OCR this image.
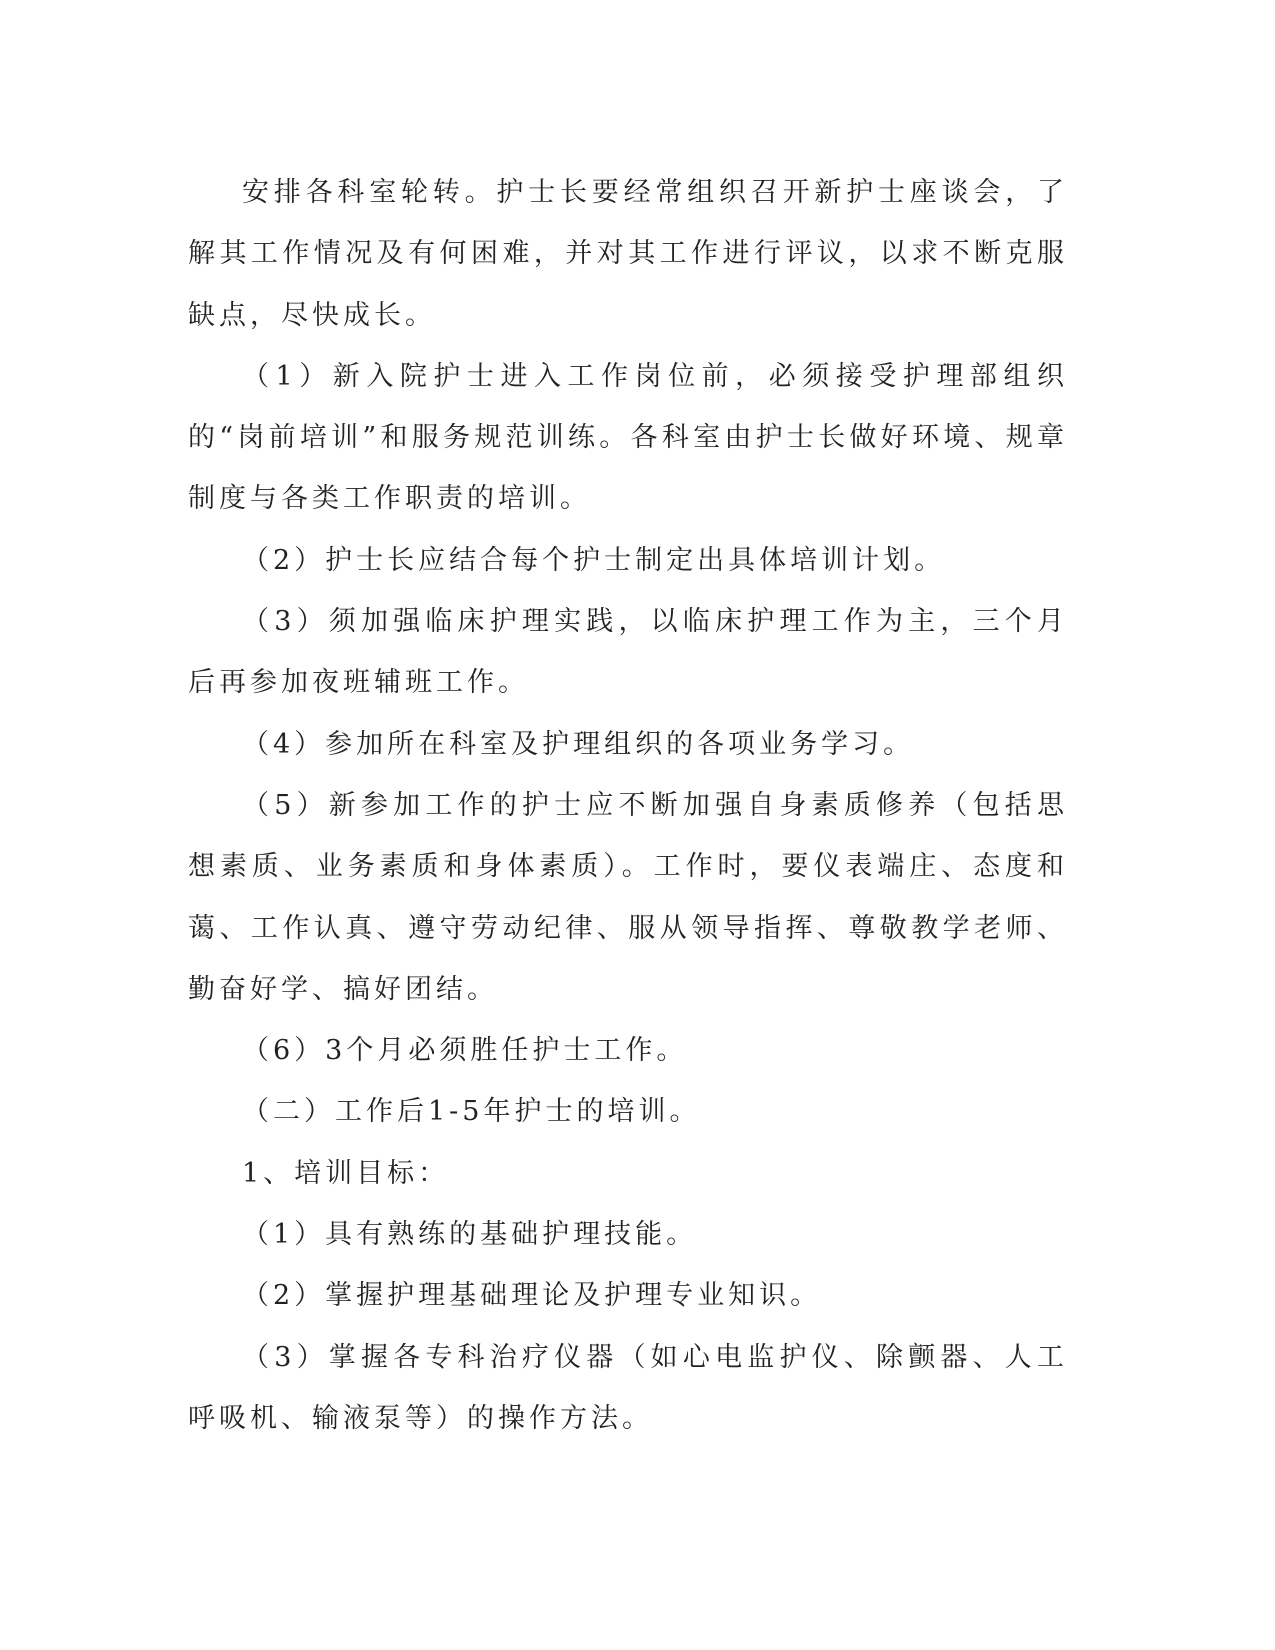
安排各科室轮转。护士长要经常组织召开新护士座谈会，了解其工作情况及有何困难，并对其工作进行评议，以求不断克服缺点，尽快成长。

（1）新入院护士进入工作岗位前，必须接受护理部组织的“岗前培训”和服务规范训练。各科室由护士长做好环境、规章制度与各类工作职责的培训。

（2）护士长应结合每个护士制定出具体培训计划。

（3）须加强临床护理实践，以临床护理工作为主，三个月后再参加夜班辅班工作。

（4）参加所在科室及护理组织的各项业务学习。

（5）新参加工作的护士应不断加强自身素质修养（包括思想素质、业务素质和身体素质）。工作时，要仪表端庄、态度和蔼、工作认真、遵守劳动纪律、服从领导指挥、尊敬教学老师、勤奋好学、搞好团结。

（6）3个月必须胜任护士工作。

（二）工作后1-5年护士的培训。

1、培训目标：

（1）具有熟练的基础护理技能。

（2）掌握护理基础理论及护理专业知识。

（3）掌握各专科治疗仪器（如心电监护仪、除颤器、人工呼吸机、输液泵等）的操作方法。
